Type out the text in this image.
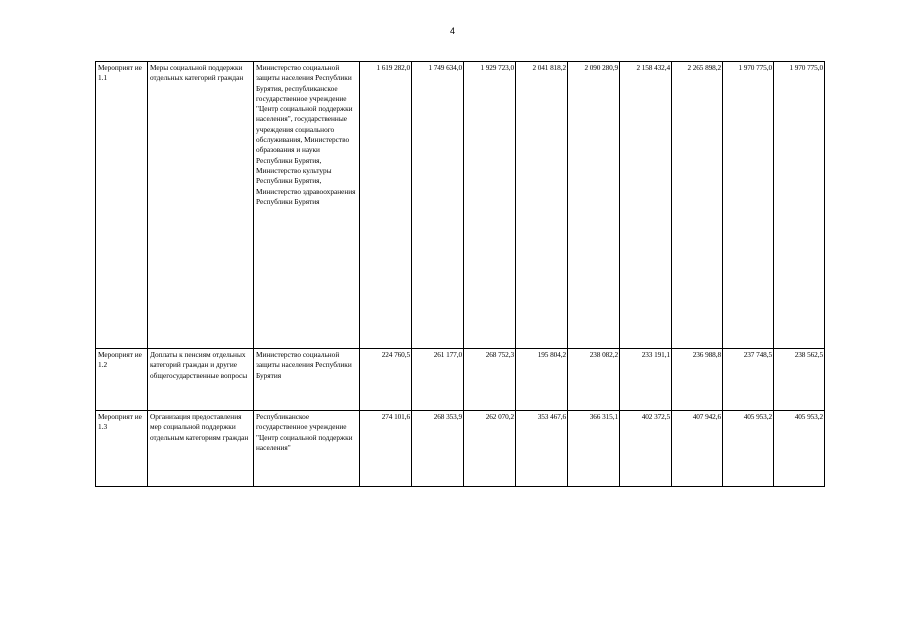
4
Мероприят ие 1.1	Меры социальной поддержки отдельных категорий граждан	Министерство социальной защиты населения Республики Бурятия, республиканское государственное учреждение "Центр социальной поддержки населения", государственные учреждения социального обслуживания, Министерство образования и науки Республики Бурятия, Министерство культуры Республики Бурятия, Министерство здравоохранения Республики Бурятия	1 619 282,0	1 749 634,0	1 929 723,0	2 041 818,2	2 090 280,9	2 158 432,4	2 265 898,2	1 970 775,0	1 970 775,0
Мероприят ие 1.2	Доплаты к пенсиям отдельных категорий граждан и другие общегосударственные вопросы	Министерство социальной защиты населения Республики Бурятия	224 760,5	261 177,0	268 752,3	195 804,2	238 082,2	233 191,1	236 988,8	237 748,5	238 562,5
Мероприят ие 1.3	Организация предоставления мер социальной поддержки отдельным категориям граждан	Республиканское государственное учреждение "Центр социальной поддержки населения"	274 101,6	268 353,9	262 070,2	353 467,6	366 315,1	402 372,5	407 942,6	405 953,2	405 953,2
